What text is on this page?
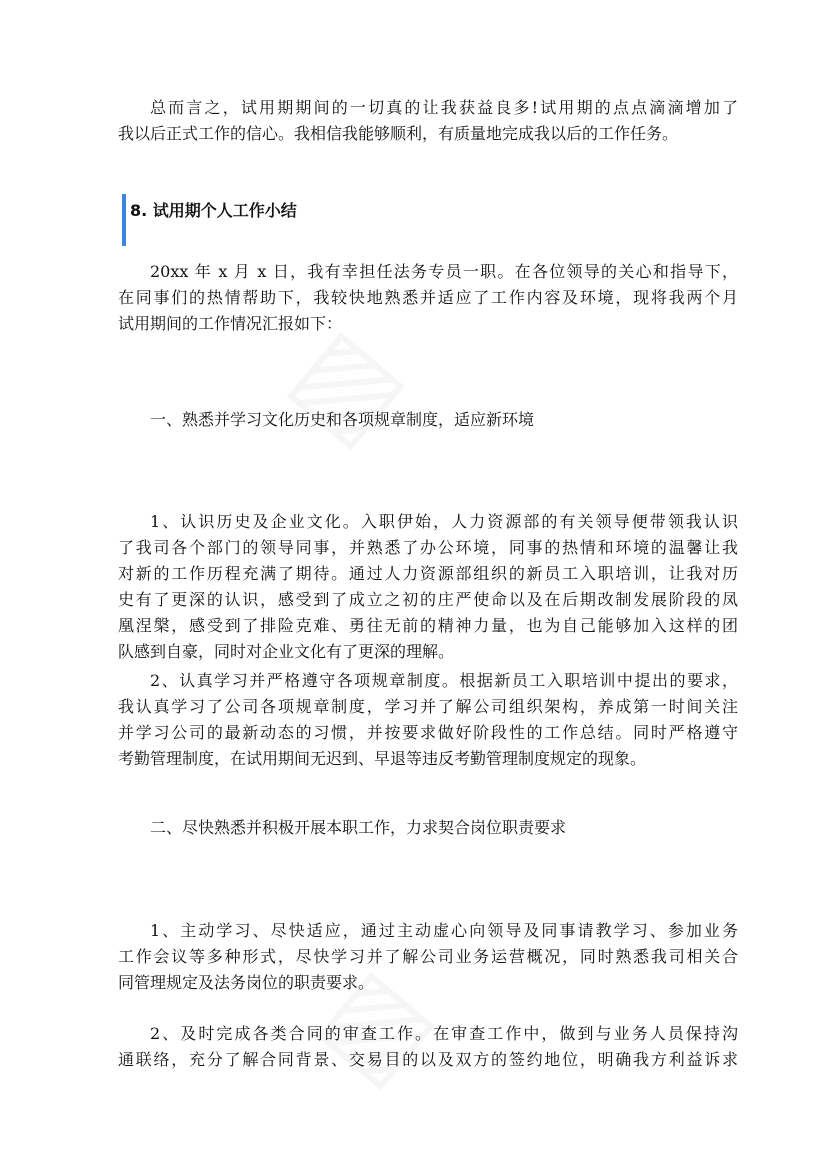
总而言之，试用期期间的一切真的让我获益良多!试用期的点点滴滴增加了
我以后正式工作的信心。我相信我能够顺利，有质量地完成我以后的工作任务。
8. 试用期个人工作小结
20xx 年 x 月 x 日，我有幸担任法务专员一职。在各位领导的关心和指导下，
在同事们的热情帮助下，我较快地熟悉并适应了工作内容及环境，现将我两个月
试用期间的工作情况汇报如下：
一、熟悉并学习文化历史和各项规章制度，适应新环境
1、认识历史及企业文化。入职伊始，人力资源部的有关领导便带领我认识
了我司各个部门的领导同事，并熟悉了办公环境，同事的热情和环境的温馨让我
对新的工作历程充满了期待。通过人力资源部组织的新员工入职培训，让我对历
史有了更深的认识，感受到了成立之初的庄严使命以及在后期改制发展阶段的凤
凰涅槃，感受到了排险克难、勇往无前的精神力量，也为自己能够加入这样的团
队感到自豪，同时对企业文化有了更深的理解。
2、认真学习并严格遵守各项规章制度。根据新员工入职培训中提出的要求，
我认真学习了公司各项规章制度，学习并了解公司组织架构，养成第一时间关注
并学习公司的最新动态的习惯，并按要求做好阶段性的工作总结。同时严格遵守
考勤管理制度，在试用期间无迟到、早退等违反考勤管理制度规定的现象。
二、尽快熟悉并积极开展本职工作，力求契合岗位职责要求
1、主动学习、尽快适应，通过主动虚心向领导及同事请教学习、参加业务
工作会议等多种形式，尽快学习并了解公司业务运营概况，同时熟悉我司相关合
同管理规定及法务岗位的职责要求。
2、及时完成各类合同的审查工作。在审查工作中，做到与业务人员保持沟
通联络，充分了解合同背景、交易目的以及双方的签约地位，明确我方利益诉求
